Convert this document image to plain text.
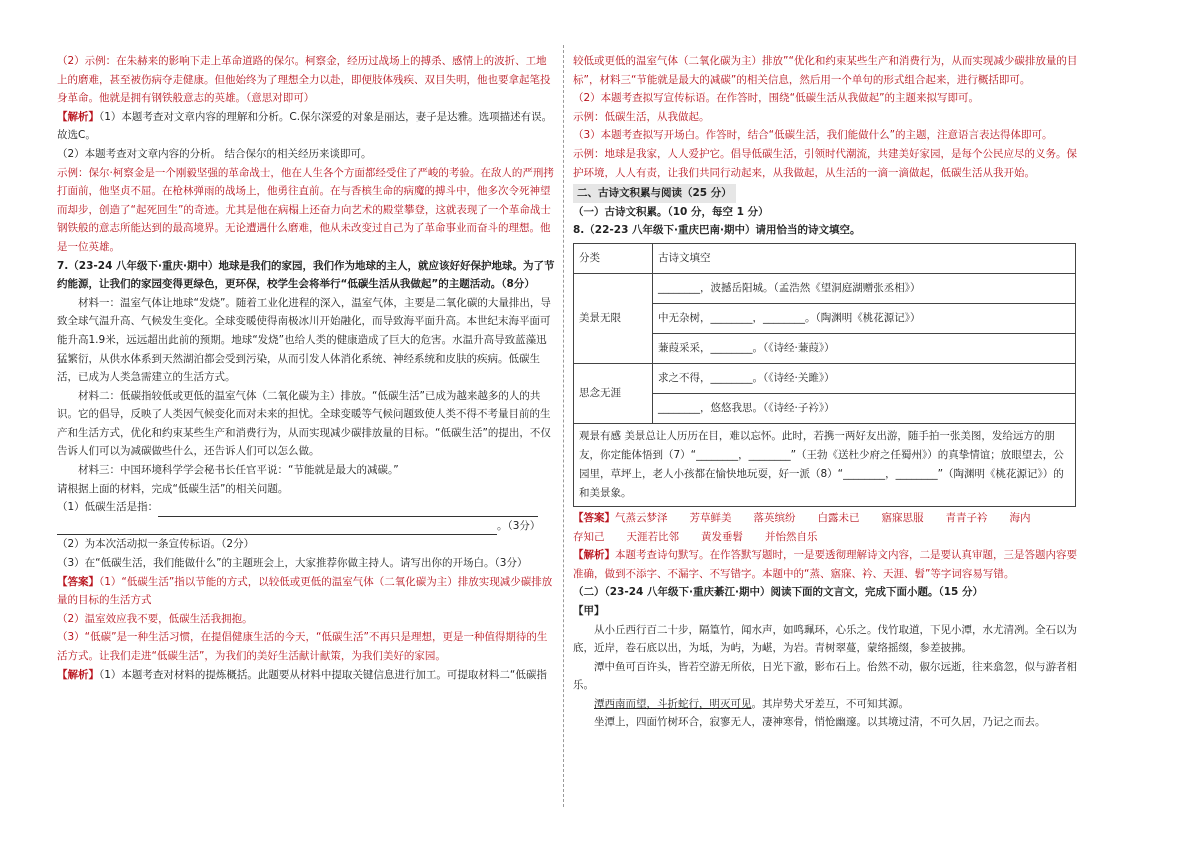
（2）示例：在朱赫来的影响下走上革命道路的保尔。柯察金，经历过战场上的搏杀、感情上的波折、工地上的磨难，甚至被伤病夺走健康。但他始终为了理想全力以赴，即便肢体残疾、双目失明，他也要拿起笔投身革命。他就是拥有钢铁般意志的英雄。（意思对即可）

【解析】（1）本题考查对文章内容的理解和分析。C.保尔深爱的对象是丽达，妻子是达雅。选项描述有误。故选C。

（2）本题考查对文章内容的分析。 结合保尔的相关经历来谈即可。

示例：保尔·柯察金是一个刚毅坚强的革命战士，他在人生各个方面都经受住了严峻的考验。在敌人的严刑拷打面前，他坚贞不屈。在枪林弹雨的战场上，他勇往直前。在与香槟生命的病魔的搏斗中，他多次令死神望而却步，创造了“起死回生”的奇迹。尤其是他在病榻上还奋力向艺术的殿堂攀登，这就表现了一个革命战士钢铁般的意志所能达到的最高境界。无论遭遇什么磨难，他从未改变过自己为了革命事业而奋斗的理想。他是一位英雄。

7.（23-24 八年级下·重庆·期中）地球是我们的家园，我们作为地球的主人，就应该好好保护地球。为了节约能源，让我们的家园变得更绿色，更环保，校学生会将举行“低碳生活从我做起”的主题活动。（8分）

材料一：温室气体让地球“发烧”。随着工业化进程的深入，温室气体，主要是二氧化碳的大量排出，导致全球气温升高、气候发生变化。全球变暖使得南极冰川开始融化，而导致海平面升高。本世纪末海平面可能升高1.9米，远远超出此前的预期。地球“发烧”也给人类的健康造成了巨大的危害。水温升高导致蓝藻迅猛繁衍，从供水体系到天然湖泊都会受到污染，从而引发人体消化系统、神经系统和皮肤的疾病。低碳生活，已成为人类急需建立的生活方式。

材料二：低碳指较低或更低的温室气体（二氧化碳为主）排放。“低碳生活”已成为越来越多的人的共识。它的倡导，反映了人类因气候变化而对未来的担忧。全球变暖等气候问题致使人类不得不考量目前的生产和生活方式，优化和约束某些生产和消费行为，从而实现减少碳排放量的目标。“低碳生活”的提出，不仅告诉人们可以为减碳做些什么，还告诉人们可以怎么做。

材料三：中国环境科学学会秘书长任官平说：“节能就是最大的减碳。”

请根据上面的材料，完成“低碳生活”的相关问题。

（1）低碳生活是指：

。（3分）

（2）为本次活动拟一条宣传标语。（2分）

（3）在“低碳生活，我们能做什么”的主题班会上，大家推荐你做主持人。请写出你的开场白。（3分）

【答案】（1）“低碳生活”指以节能的方式，以较低或更低的温室气体（二氧化碳为主）排放实现减少碳排放量的目标的生活方式

（2）温室效应我不要，低碳生活我拥抱。

（3）“低碳”是一种生活习惯，在提倡健康生活的今天，“低碳生活”不再只是理想，更是一种值得期待的生活方式。让我们走进“低碳生活”，为我们的美好生活献计献策，为我们美好的家园。

【解析】（1）本题考查对材料的提炼概括。此题要从材料中提取关键信息进行加工。可提取材料二“低碳指

较低或更低的温室气体（二氧化碳为主）排放”“优化和约束某些生产和消费行为，从而实现减少碳排放量的目标”，材料三“节能就是最大的减碳”的相关信息，然后用一个单句的形式组合起来，进行概括即可。

（2）本题考查拟写宣传标语。在作答时，围绕“低碳生活从我做起”的主题来拟写即可。

示例：低碳生活，从我做起。

（3）本题考查拟写开场白。作答时，结合“低碳生活，我们能做什么”的主题，注意语言表达得体即可。

示例：地球是我家，人人爱护它。倡导低碳生活，引领时代潮流，共建美好家园，是每个公民应尽的义务。保护环境，人人有责，让我们共同行动起来，从我做起，从生活的一滴一滴做起，低碳生活从我开始。

二、古诗文积累与阅读（25 分）

（一）古诗文积累。（10 分，每空 1 分）

8.（22-23 八年级下·重庆巴南·期中）请用恰当的诗文填空。

分类	古诗文填空
美景无限	________，波撼岳阳城。（孟浩然《望洞庭湖赠张丞相》）
	中无杂树，________，________。（陶渊明《桃花源记》）
	蒹葭采采，________。（《诗经·蒹葭》）
思念无涯	求之不得，________。（《诗经·关雎》）
	________，悠悠我思。（《诗经·子衿》）
观景有感 美景总让人历历在目，难以忘怀。此时，若携一两好友出游，随手拍一张美图，发给远方的朋友，你定能体悟到（7）“________，________”（王勃《送杜少府之任蜀州》）的真挚情谊；放眼望去，公园里，草坪上，老人小孩都在愉快地玩耍，好一派（8）“________，________”（陶渊明《桃花源记》）的和美景象。	

【答案】气蒸云梦泽 芳草鲜美 落英缤纷 白露未已 寤寐思服 青青子衿 海内

存知己 天涯若比邻 黄发垂髫 并怡然自乐

【解析】本题考查诗句默写。在作答默写题时，一是要透彻理解诗文内容，二是要认真审题，三是答题内容要准确，做到不添字、不漏字、不写错字。本题中的“蒸、寤寐、衿、天涯、髫”等字词容易写错。

（二）（23-24 八年级下·重庆綦江·期中）阅读下面的文言文，完成下面小题。（15 分）

【甲】

从小丘西行百二十步，隔篁竹，闻水声，如鸣珮环，心乐之。伐竹取道，下见小潭，水尤清冽。全石以为底，近岸，卷石底以出，为坻，为屿，为嵁，为岩。青树翠蔓，蒙络摇缀，参差披拂。

潭中鱼可百许头，皆若空游无所依，日光下澈，影布石上。佁然不动，俶尔远逝，往来翕忽，似与游者相乐。

潭西南而望，斗折蛇行，明灭可见。其岸势犬牙差互，不可知其源。

坐潭上，四面竹树环合，寂寥无人，凄神寒骨，悄怆幽邃。以其境过清，不可久居，乃记之而去。
